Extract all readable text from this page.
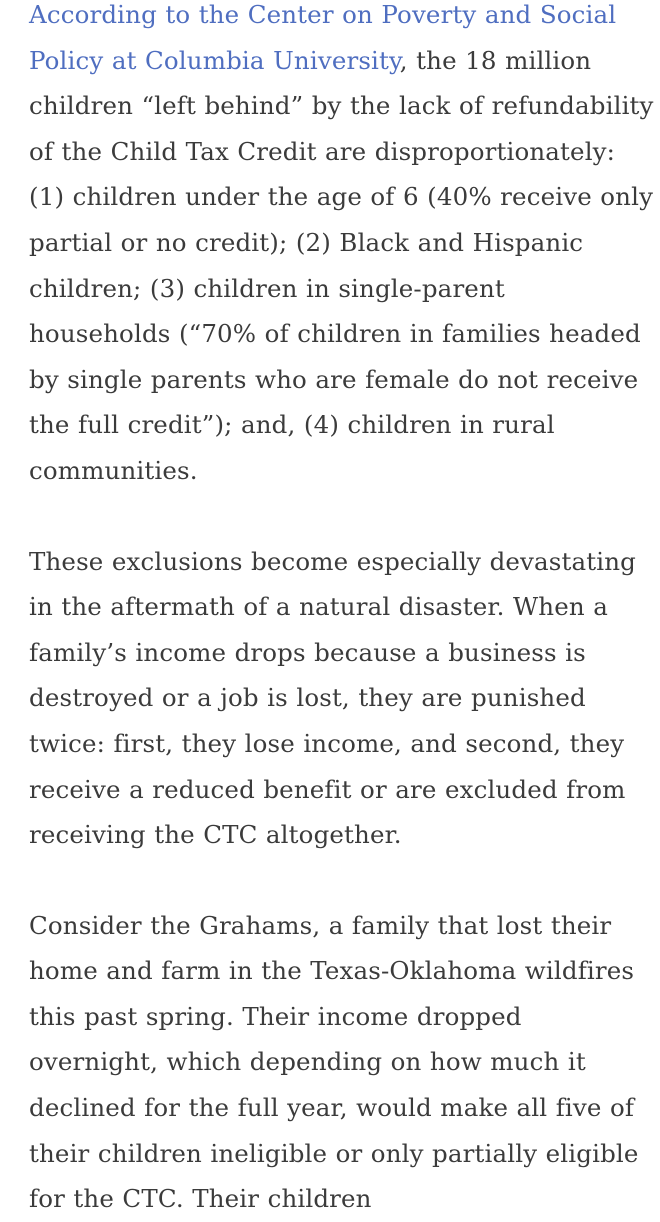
According to the Center on Poverty and Social Policy at Columbia University, the 18 million children “left behind” by the lack of refundability of the Child Tax Credit are disproportionately: (1) children under the age of 6 (40% receive only partial or no credit); (2) Black and Hispanic children; (3) children in single-parent households (“70% of children in families headed by single parents who are female do not receive the full credit”); and, (4) children in rural communities.

These exclusions become especially devastating in the aftermath of a natural disaster. When a family’s income drops because a business is destroyed or a job is lost, they are punished twice: first, they lose income, and second, they receive a reduced benefit or are excluded from receiving the CTC altogether.

Consider the Grahams, a family that lost their home and farm in the Texas-Oklahoma wildfires this past spring. Their income dropped overnight, which depending on how much it declined for the full year, would make all five of their children ineligible or only partially eligible for the CTC. Their children
